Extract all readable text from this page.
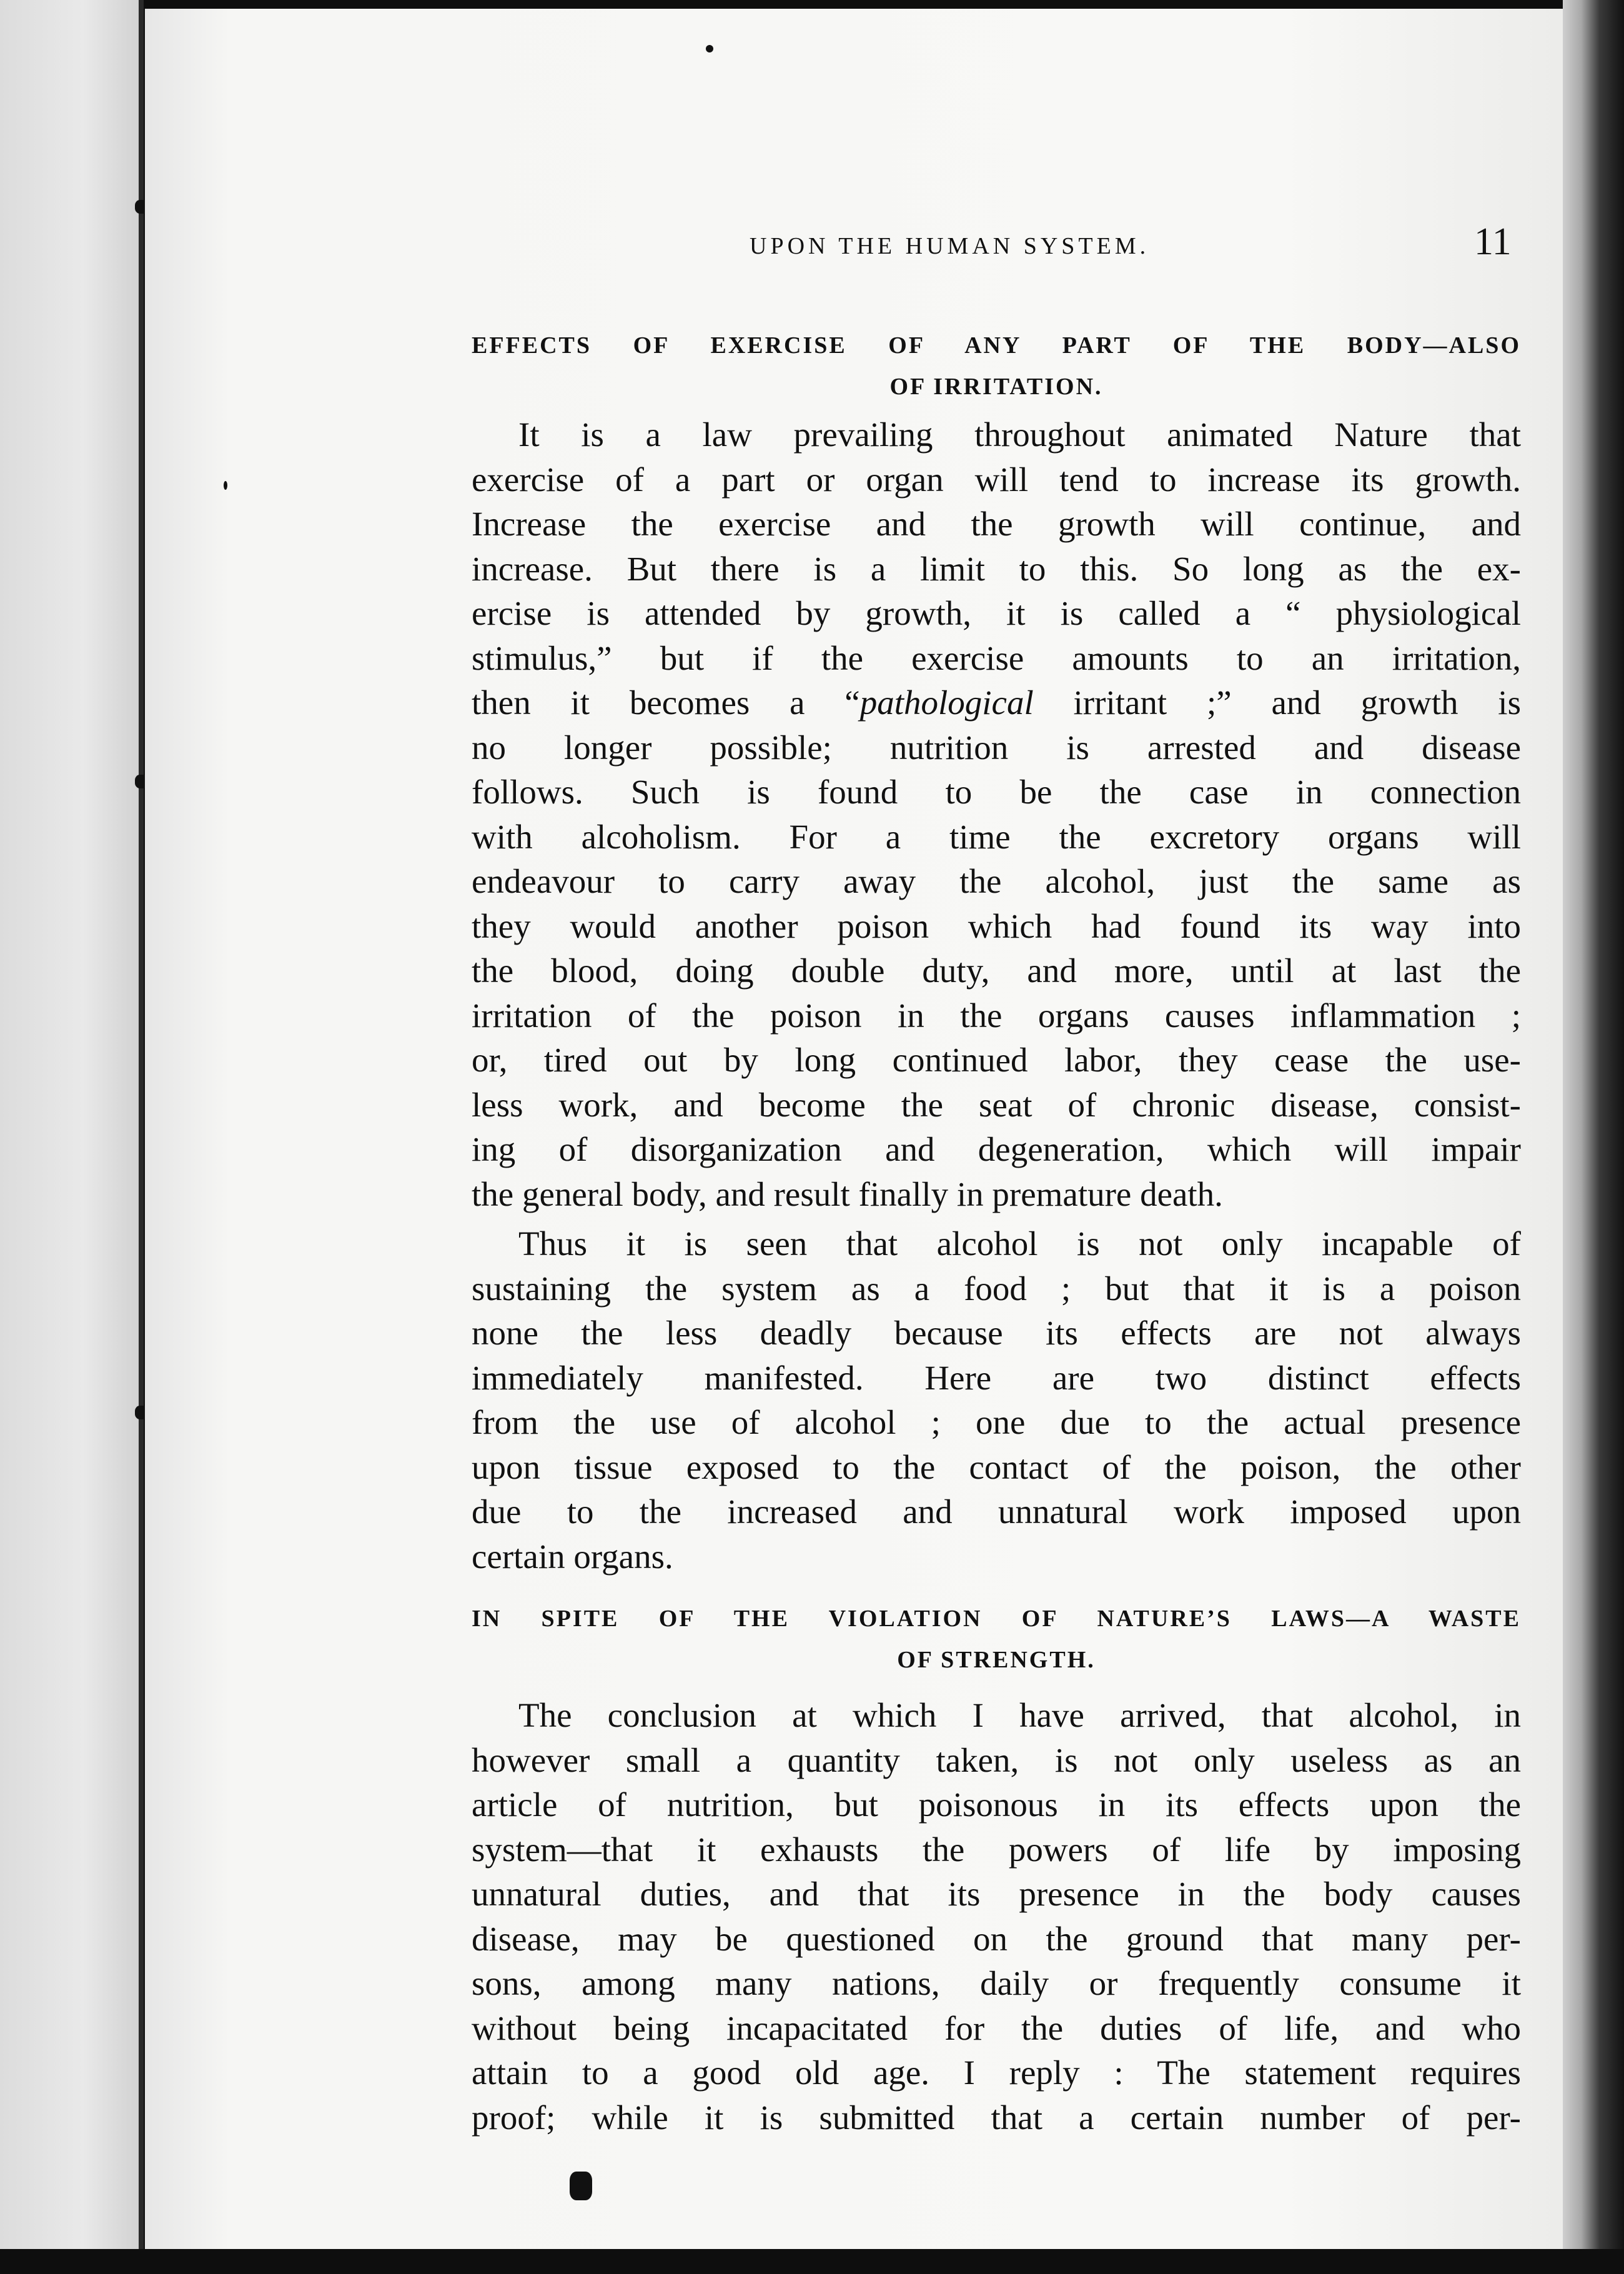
UPON THE HUMAN SYSTEM.	11
EFFECTS OF EXERCISE OF ANY PART OF THE BODY—ALSO
OF IRRITATION.
It is a law prevailing throughout animated Nature that
exercise of a part or organ will tend to increase its growth.
Increase the exercise and the growth will continue, and
increase. But there is a limit to this. So long as the ex-
ercise is attended by growth, it is called a “ physiological
stimulus,” but if the exercise amounts to an irritation,
then it becomes a “pathological irritant ;” and growth is
no longer possible; nutrition is arrested and disease
follows. Such is found to be the case in connection
with alcoholism. For a time the excretory organs will
endeavour to carry away the alcohol, just the same as
they would another poison which had found its way into
the blood, doing double duty, and more, until at last the
irritation of the poison in the organs causes inflammation ;
or, tired out by long continued labor, they cease the use-
less work, and become the seat of chronic disease, consist-
ing of disorganization and degeneration, which will impair
the general body, and result finally in premature death.
Thus it is seen that alcohol is not only incapable of
sustaining the system as a food ; but that it is a poison
none the less deadly because its effects are not always
immediately manifested. Here are two distinct effects
from the use of alcohol ; one due to the actual presence
upon tissue exposed to the contact of the poison, the other
due to the increased and unnatural work imposed upon
certain organs.
IN SPITE OF THE VIOLATION OF NATURE’S LAWS—A WASTE
OF STRENGTH.
The conclusion at which I have arrived, that alcohol, in
however small a quantity taken, is not only useless as an
article of nutrition, but poisonous in its effects upon the
system—that it exhausts the powers of life by imposing
unnatural duties, and that its presence in the body causes
disease, may be questioned on the ground that many per-
sons, among many nations, daily or frequently consume it
without being incapacitated for the duties of life, and who
attain to a good old age. I reply : The statement requires
proof; while it is submitted that a certain number of per-
